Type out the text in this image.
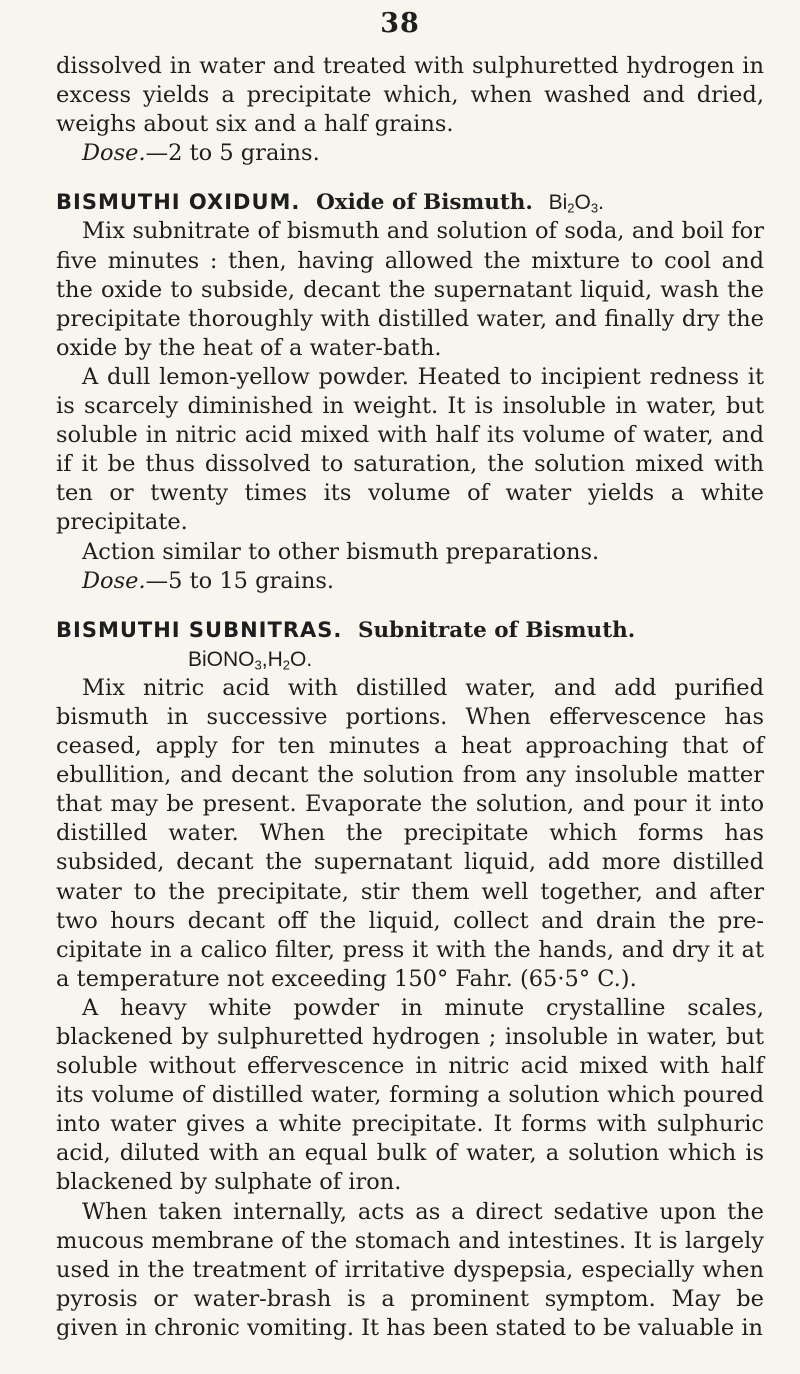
38

dissolved in water and treated with sulphuretted hydrogen in excess yields a precipitate which, when washed and dried, weighs about six and a half grains.

Dose.—2 to 5 grains.

BISMUTHI OXIDUM. Oxide of Bismuth. $Bi_2O_3$.

Mix subnitrate of bismuth and solution of soda, and boil for five minutes : then, having allowed the mixture to cool and the oxide to subside, decant the supernatant liquid, wash the precipitate thoroughly with distilled water, and finally dry the oxide by the heat of a water-bath.

A dull lemon-yellow powder. Heated to incipient redness it is scarcely diminished in weight. It is insoluble in water, but soluble in nitric acid mixed with half its volume of water, and if it be thus dissolved to saturation, the solution mixed with ten or twenty times its volume of water yields a white precipitate.

Action similar to other bismuth preparations.

Dose.—5 to 15 grains.

BISMUTHI SUBNITRAS. Subnitrate of Bismuth.

$BiONO_3,H_2O$.

Mix nitric acid with distilled water, and add purified bismuth in successive portions. When effervescence has ceased, apply for ten minutes a heat approaching that of ebullition, and decant the solution from any insoluble matter that may be present. Evaporate the solution, and pour it into distilled water. When the precipitate which forms has subsided, decant the supernatant liquid, add more distilled water to the precipitate, stir them well together, and after two hours decant off the liquid, collect and drain the pre- cipitate in a calico filter, press it with the hands, and dry it at a temperature not exceeding 150° Fahr. (65·5° C.).

A heavy white powder in minute crystalline scales, blackened by sulphuretted hydrogen ; insoluble in water, but soluble without effervescence in nitric acid mixed with half its volume of distilled water, forming a solution which poured into water gives a white precipitate. It forms with sulphuric acid, diluted with an equal bulk of water, a solution which is blackened by sulphate of iron.

When taken internally, acts as a direct sedative upon the mucous membrane of the stomach and intestines. It is largely used in the treatment of irritative dyspepsia, especially when pyrosis or water-brash is a prominent symptom. May be given in chronic vomiting. It has been stated to be valuable in
